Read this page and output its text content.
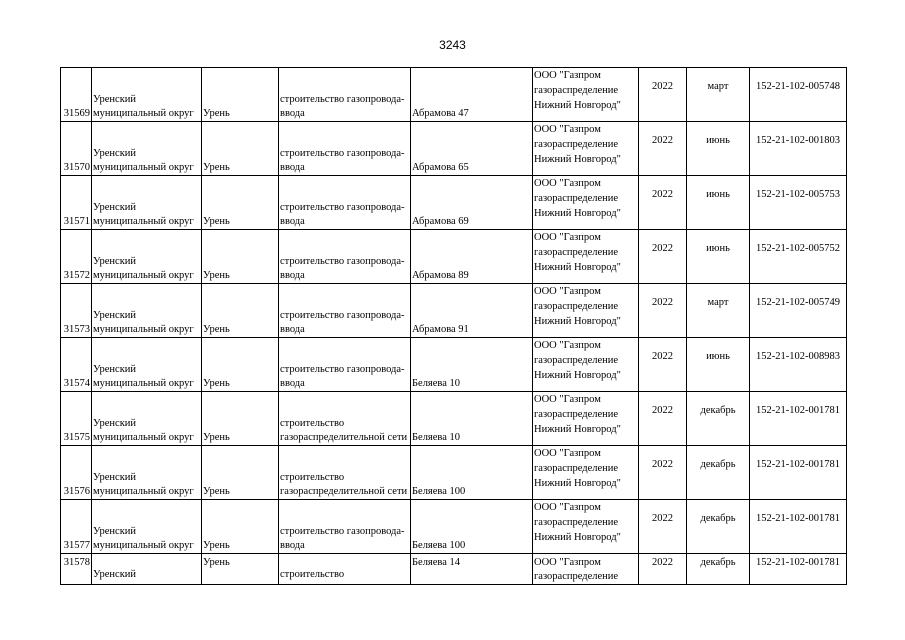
3243
31569	Уренский
муниципальный округ	Урень	строительство газопровода-
ввода	Абрамова 47	ООО "Газпром
газораспределение
Нижний Новгород"	2022	март	152-21-102-005748
31570	Уренский
муниципальный округ	Урень	строительство газопровода-
ввода	Абрамова 65	ООО "Газпром
газораспределение
Нижний Новгород"	2022	июнь	152-21-102-001803
31571	Уренский
муниципальный округ	Урень	строительство газопровода-
ввода	Абрамова 69	ООО "Газпром
газораспределение
Нижний Новгород"	2022	июнь	152-21-102-005753
31572	Уренский
муниципальный округ	Урень	строительство газопровода-
ввода	Абрамова 89	ООО "Газпром
газораспределение
Нижний Новгород"	2022	июнь	152-21-102-005752
31573	Уренский
муниципальный округ	Урень	строительство газопровода-
ввода	Абрамова 91	ООО "Газпром
газораспределение
Нижний Новгород"	2022	март	152-21-102-005749
31574	Уренский
муниципальный округ	Урень	строительство газопровода-
ввода	Беляева 10	ООО "Газпром
газораспределение
Нижний Новгород"	2022	июнь	152-21-102-008983
31575	Уренский
муниципальный округ	Урень	строительство
газораспределительной сети	Беляева 10	ООО "Газпром
газораспределение
Нижний Новгород"	2022	декабрь	152-21-102-001781
31576	Уренский
муниципальный округ	Урень	строительство
газораспределительной сети	Беляева 100	ООО "Газпром
газораспределение
Нижний Новгород"	2022	декабрь	152-21-102-001781
31577	Уренский
муниципальный округ	Урень	строительство газопровода-
ввода	Беляева 100	ООО "Газпром
газораспределение
Нижний Новгород"	2022	декабрь	152-21-102-001781
31578	Уренский	Урень	строительство	Беляева 14	ООО "Газпром
газораспределение	2022	декабрь	152-21-102-001781
